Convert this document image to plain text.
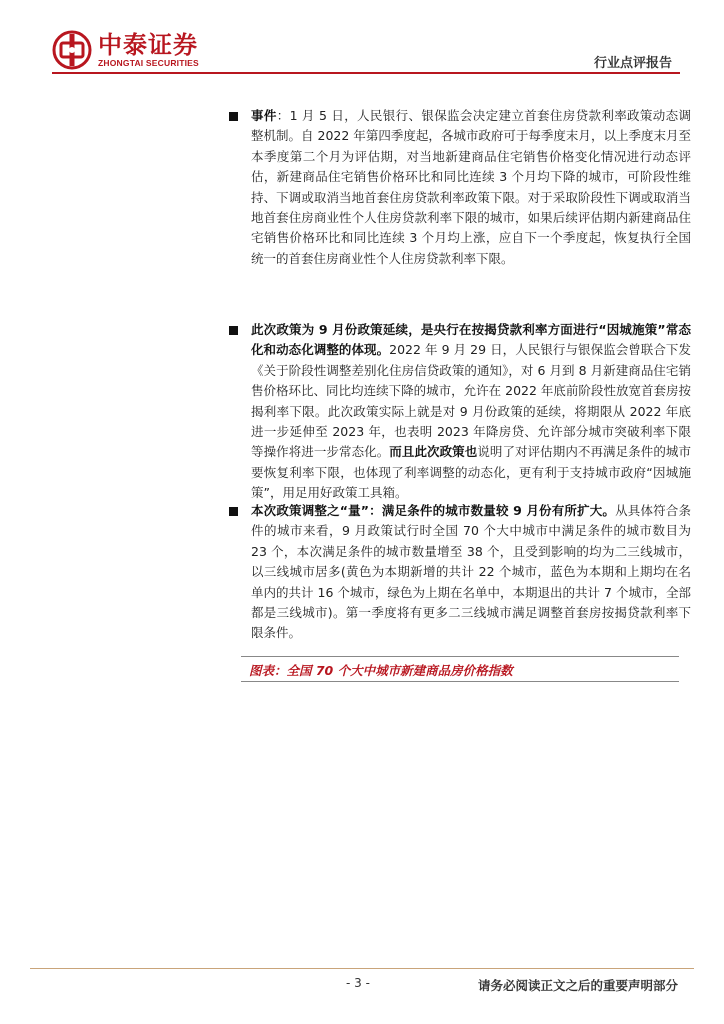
中泰证券
ZHONGTAI SECURITIES	行业点评报告
事件：1 月 5 日，人民银行、银保监会决定建立首套住房贷款利率政策动态调整机制。自 2022 年第四季度起，各城市政府可于每季度末月，以上季度末月至本季度第二个月为评估期，对当地新建商品住宅销售价格变化情况进行动态评估，新建商品住宅销售价格环比和同比连续 3 个月均下降的城市，可阶段性维持、下调或取消当地首套住房贷款利率政策下限。对于采取阶段性下调或取消当地首套住房商业性个人住房贷款利率下限的城市，如果后续评估期内新建商品住宅销售价格环比和同比连续 3 个月均上涨，应自下一个季度起，恢复执行全国统一的首套住房商业性个人住房贷款利率下限。
此次政策为 9 月份政策延续，是央行在按揭贷款利率方面进行“因城施策”常态化和动态化调整的体现。2022 年 9 月 29 日，人民银行与银保监会曾联合下发《关于阶段性调整差别化住房信贷政策的通知》，对 6 月到 8 月新建商品住宅销售价格环比、同比均连续下降的城市，允许在 2022 年底前阶段性放宽首套房按揭利率下限。此次政策实际上就是对 9 月份政策的延续，将期限从 2022 年底进一步延伸至 2023 年，也表明 2023 年降房贷、允许部分城市突破利率下限等操作将进一步常态化。而且此次政策也说明了对评估期内不再满足条件的城市要恢复利率下限，也体现了利率调整的动态化，更有利于支持城市政府“因城施策”，用足用好政策工具箱。
本次政策调整之“量”：满足条件的城市数量较 9 月份有所扩大。从具体符合条件的城市来看，9 月政策试行时全国 70 个大中城市中满足条件的城市数目为 23 个，本次满足条件的城市数量增至 38 个，且受到影响的均为二三线城市，以三线城市居多(黄色为本期新增的共计 22 个城市，蓝色为本期和上期均在名单内的共计 16 个城市，绿色为上期在名单中，本期退出的共计 7 个城市，全部都是三线城市)。第一季度将有更多二三线城市满足调整首套房按揭贷款利率下限条件。
图表：全国 70 个大中城市新建商品房价格指数
- 3 -	请务必阅读正文之后的重要声明部分
